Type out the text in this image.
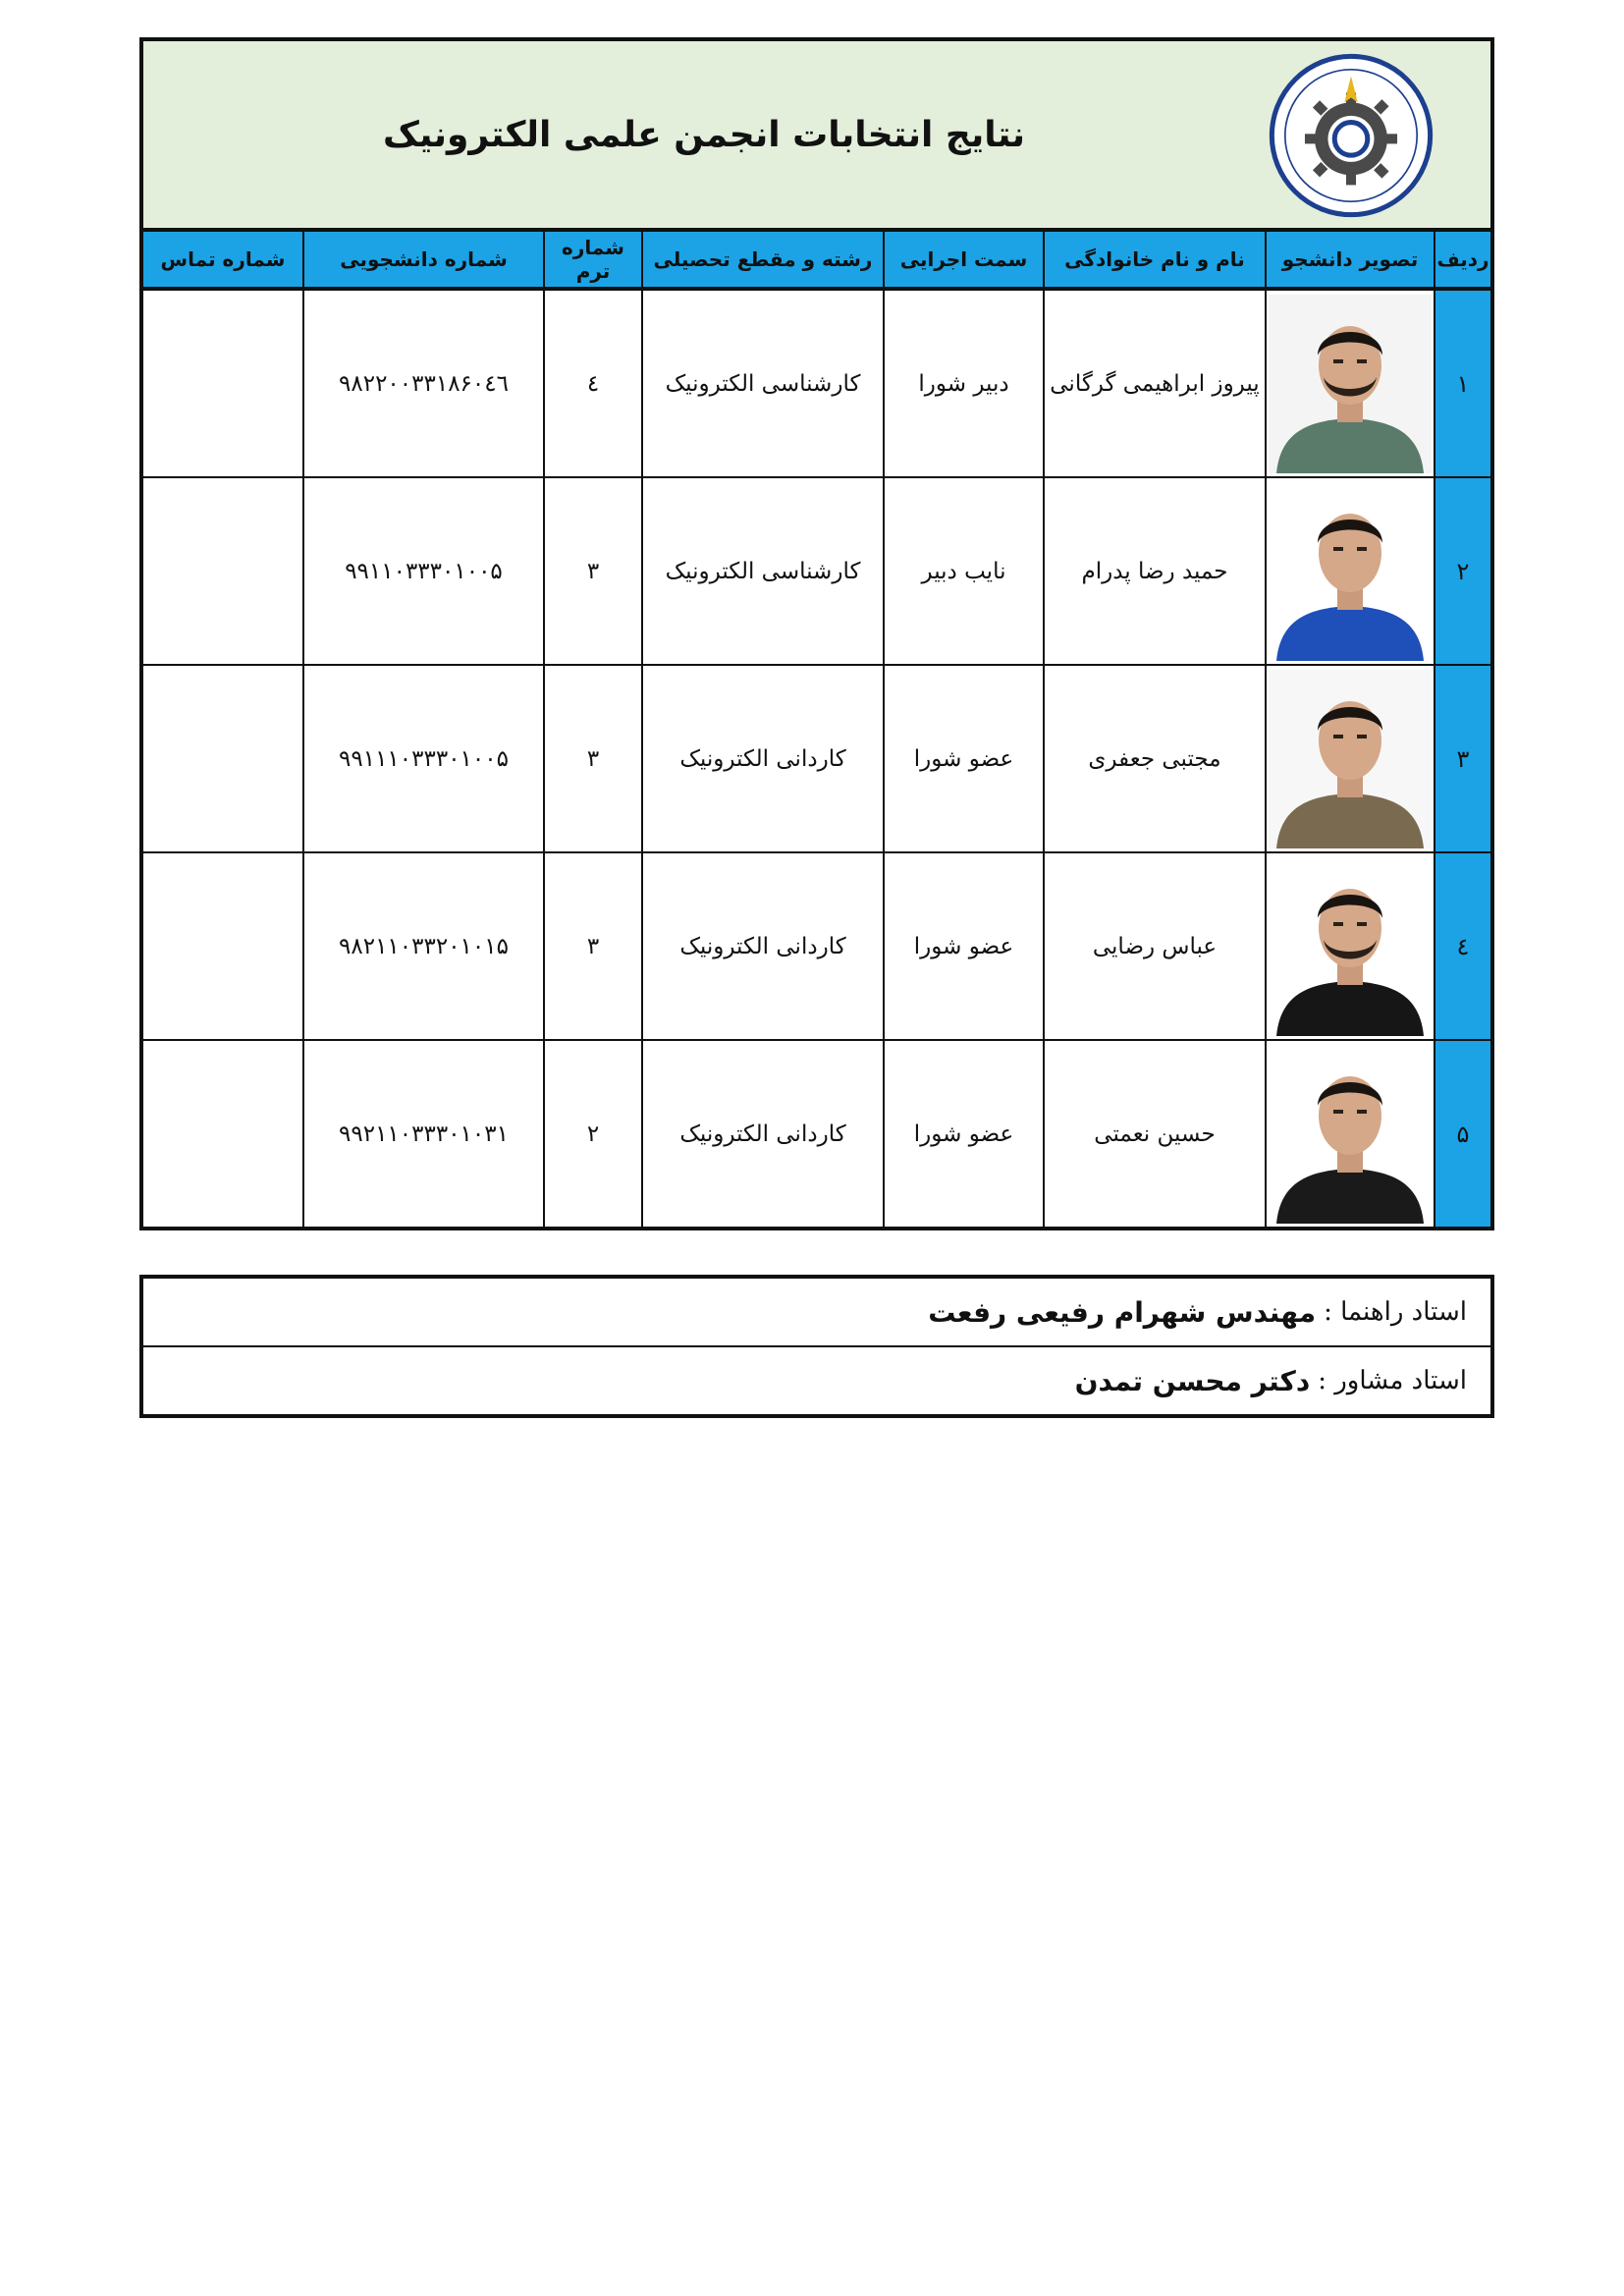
نتایج انتخابات انجمن علمی الکترونیک
ردیف	تصویر دانشجو	نام و نام خانوادگی	سمت اجرایی	رشته و مقطع تحصیلی	شماره ترم	شماره دانشجویی	شماره تماس
۱		پیروز ابراهیمی گرگانی	دبیر شورا	کارشناسی الکترونیک	٤	۹۸۲۲۰۰۳۳۱۸۶۰٤٦	
۲		حمید رضا پدرام	نایب دبیر	کارشناسی الکترونیک	۳	۹۹۱۱۰۳۳۳۰۱۰۰۵	
۳		مجتبی جعفری	عضو شورا	کاردانی الکترونیک	۳	۹۹۱۱۱۰۳۳۳۰۱۰۰۵	
٤		عباس رضایی	عضو شورا	کاردانی الکترونیک	۳	۹۸۲۱۱۰۳۳۲۰۱۰۱۵	
۵		حسین نعمتی	عضو شورا	کاردانی الکترونیک	۲	۹۹۲۱۱۰۳۳۳۰۱۰۳۱	
استاد راهنما :
مهندس شهرام رفیعی رفعت
استاد مشاور :
دکتر محسن تمدن
